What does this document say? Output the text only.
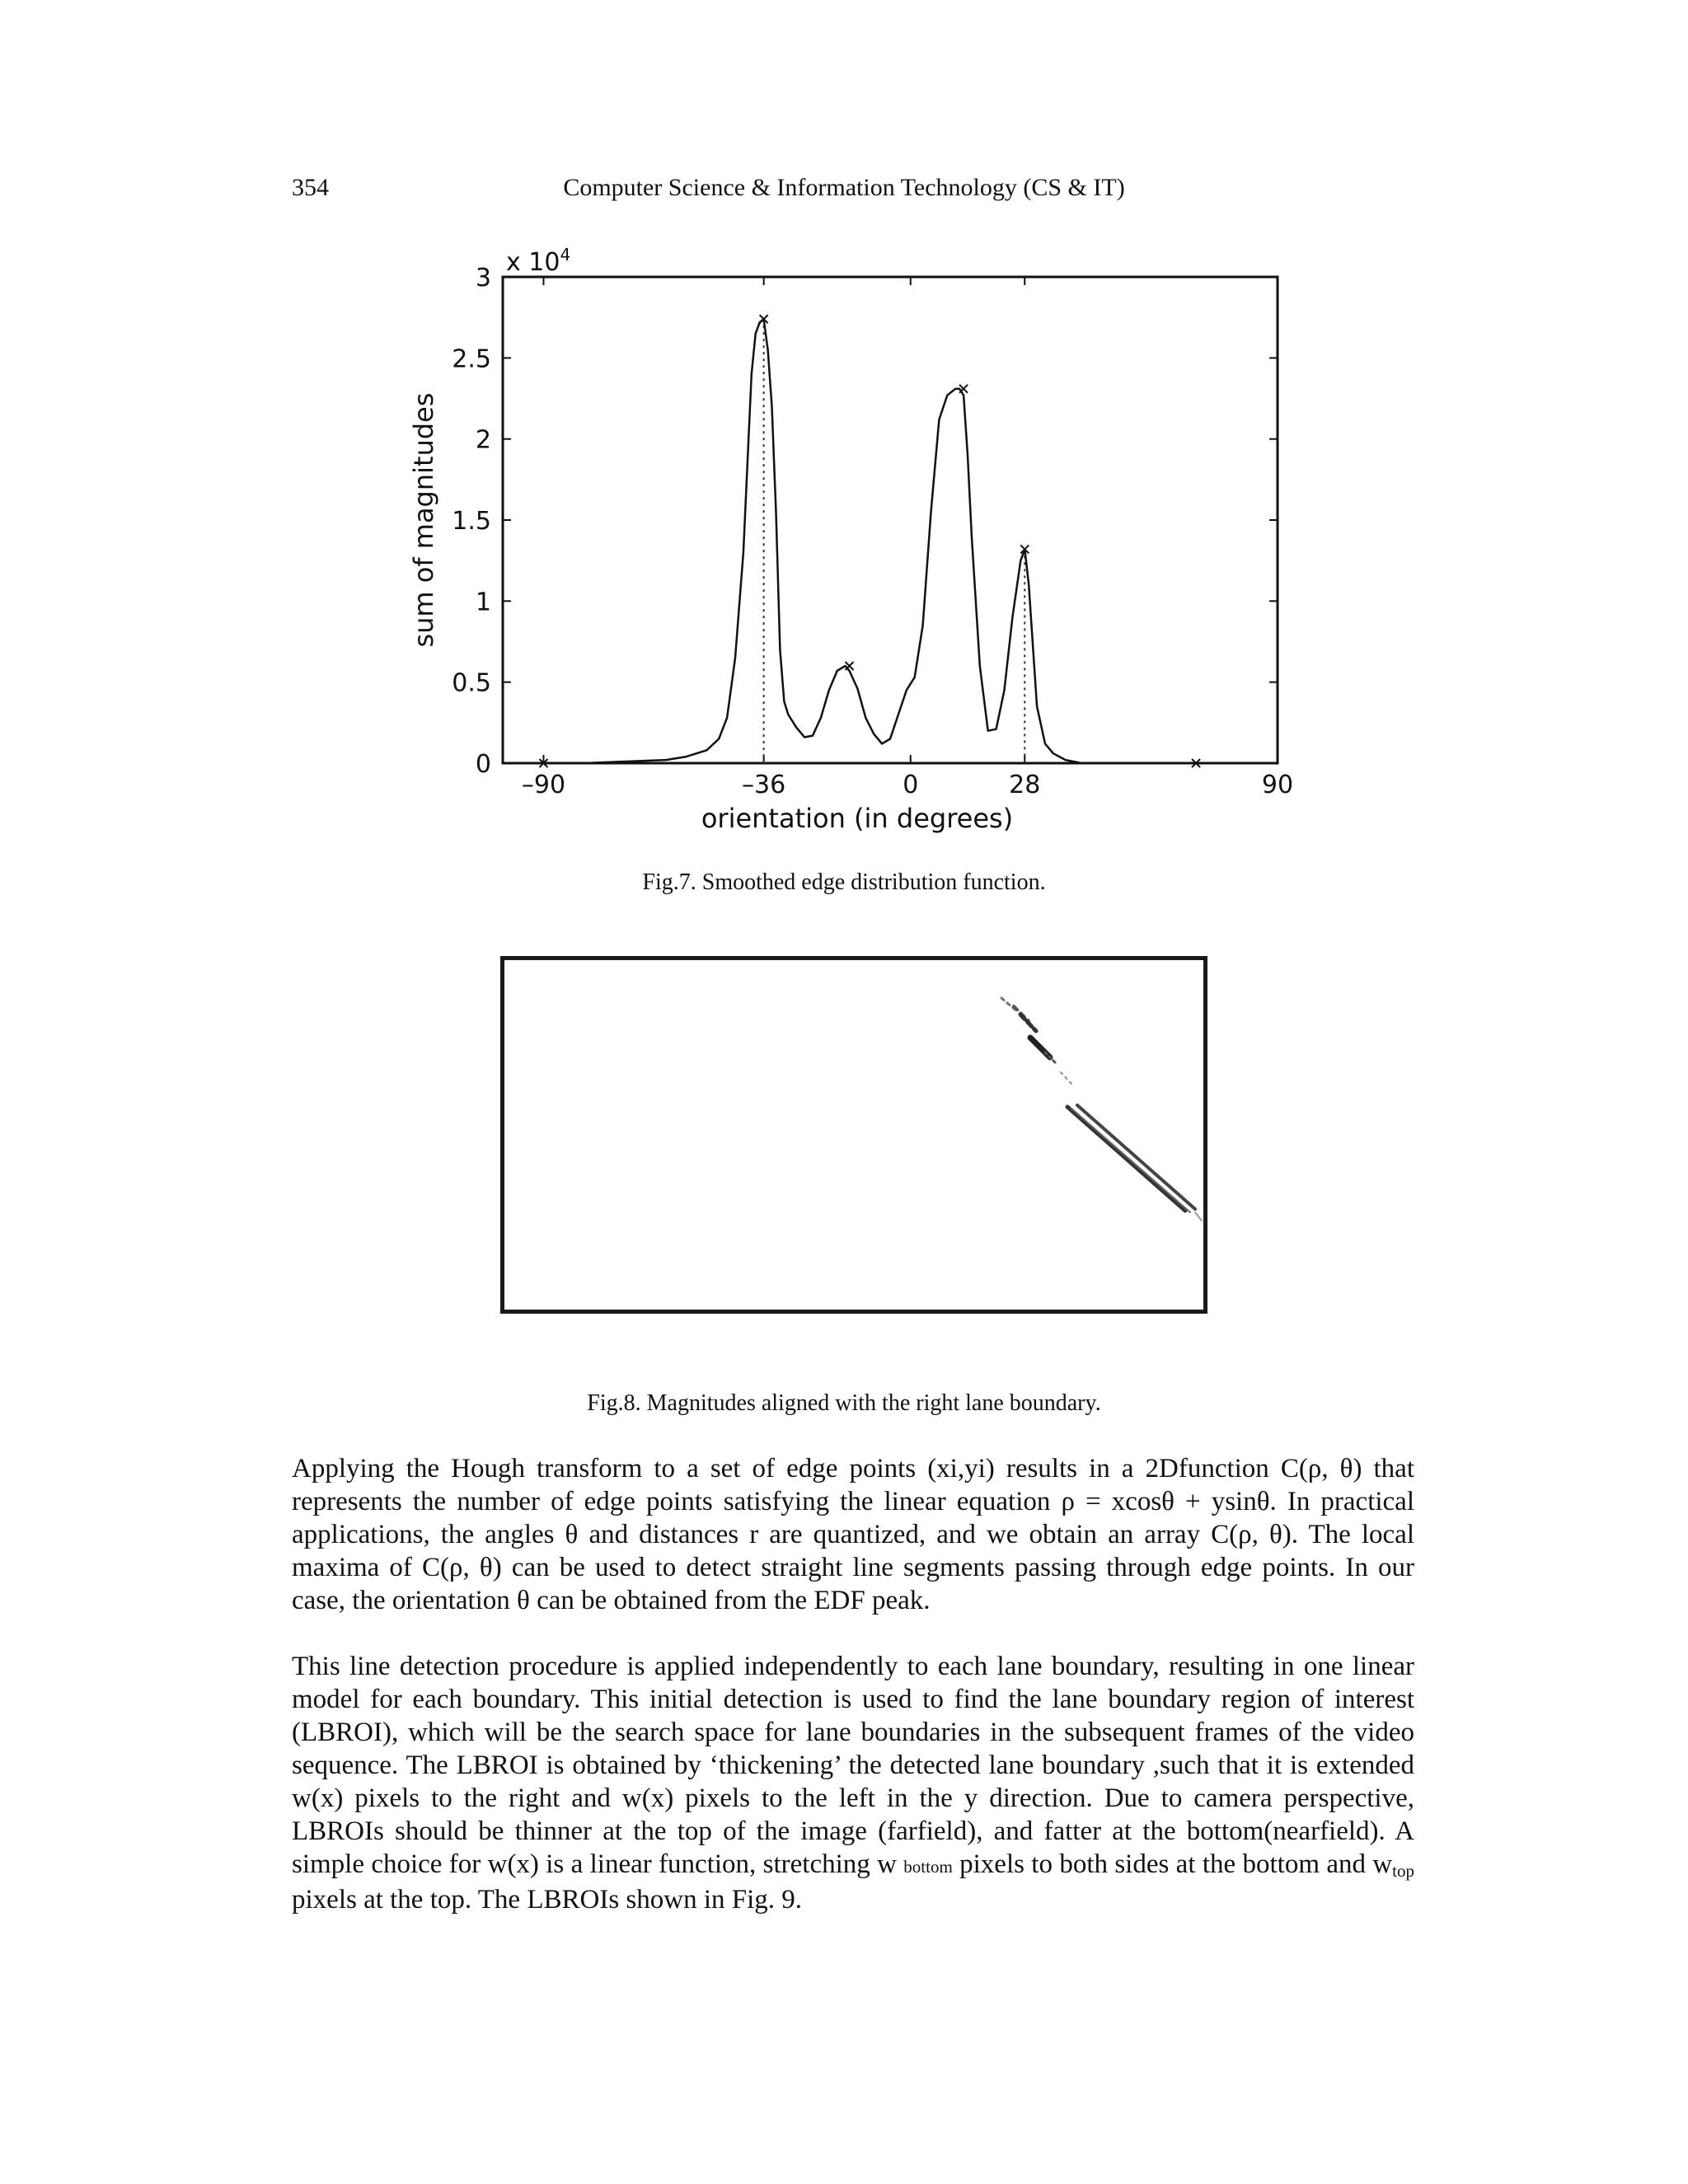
354	Computer Science & Information Technology (CS & IT)
0
0.5
1
1.5
2
2.5
3
–90	–36	0	28	90
x $10^4$
orientation (in degrees)
sum of magnitudes
Fig.7. Smoothed edge distribution function.
Fig.8. Magnitudes aligned with the right lane boundary.
Applying the Hough transform to a set of edge points (xi,yi) results in a 2Dfunction C(ρ, θ) that represents the number of edge points satisfying the linear equation ρ = xcosθ + ysinθ. In practical applications, the angles θ and distances r are quantized, and we obtain an array C(ρ, θ). The local maxima of C(ρ, θ) can be used to detect straight line segments passing through edge points. In our case, the orientation θ can be obtained from the EDF peak.
This line detection procedure is applied independently to each lane boundary, resulting in one linear model for each boundary. This initial detection is used to find the lane boundary region of interest (LBROI), which will be the search space for lane boundaries in the subsequent frames of the video sequence. The LBROI is obtained by ‘thickening’ the detected lane boundary ,such that it is extended w(x) pixels to the right and w(x) pixels to the left in the y direction. Due to camera perspective, LBROIs should be thinner at the top of the image (farfield), and fatter at the bottom(nearfield). A simple choice for w(x) is a linear function, stretching w bottom pixels to both sides at the bottom and $w_{top}$ pixels at the top. The LBROIs shown in Fig. 9.
